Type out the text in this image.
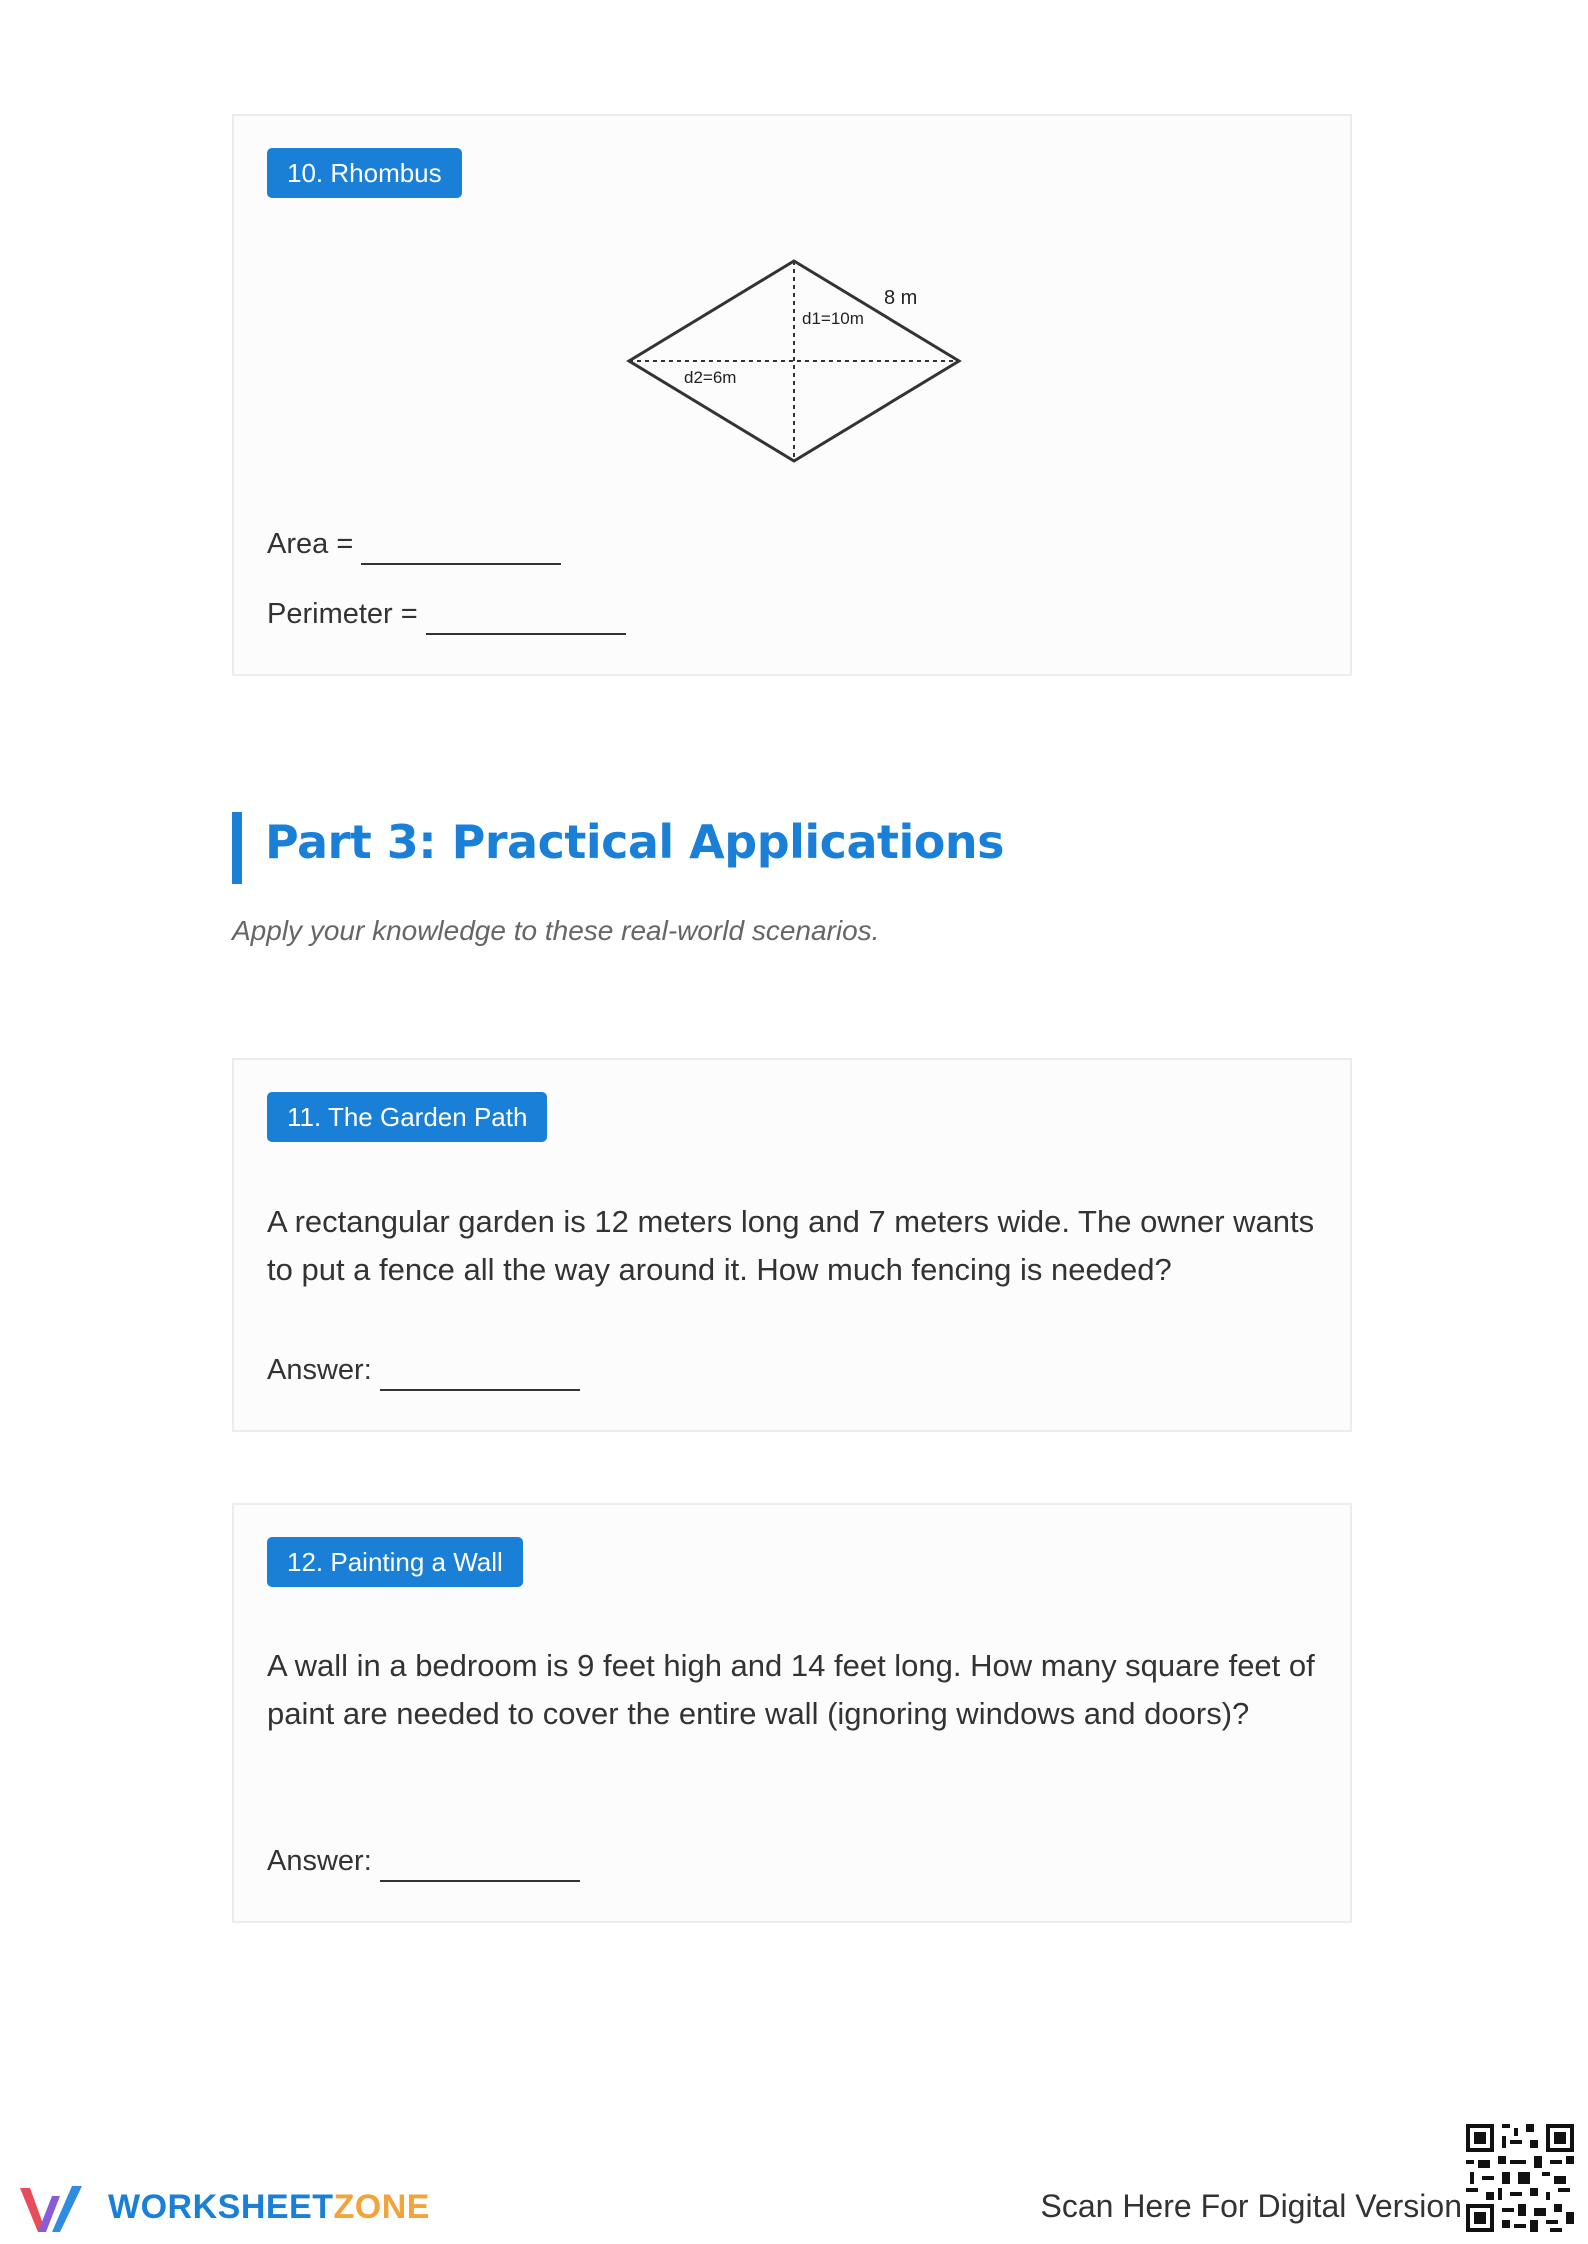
10. Rhombus
8 m
d1=10m
d2=6m
Area =
Perimeter =
Part 3: Practical Applications
Apply your knowledge to these real-world scenarios.
11. The Garden Path
A rectangular garden is 12 meters long and 7 meters wide. The owner wants to put a fence all the way around it. How much fencing is needed?
Answer:
12. Painting a Wall
A wall in a bedroom is 9 feet high and 14 feet long. How many square feet of paint are needed to cover the entire wall (ignoring windows and doors)?
Answer:
WORKSHEETZONE	Scan Here For Digital Version
